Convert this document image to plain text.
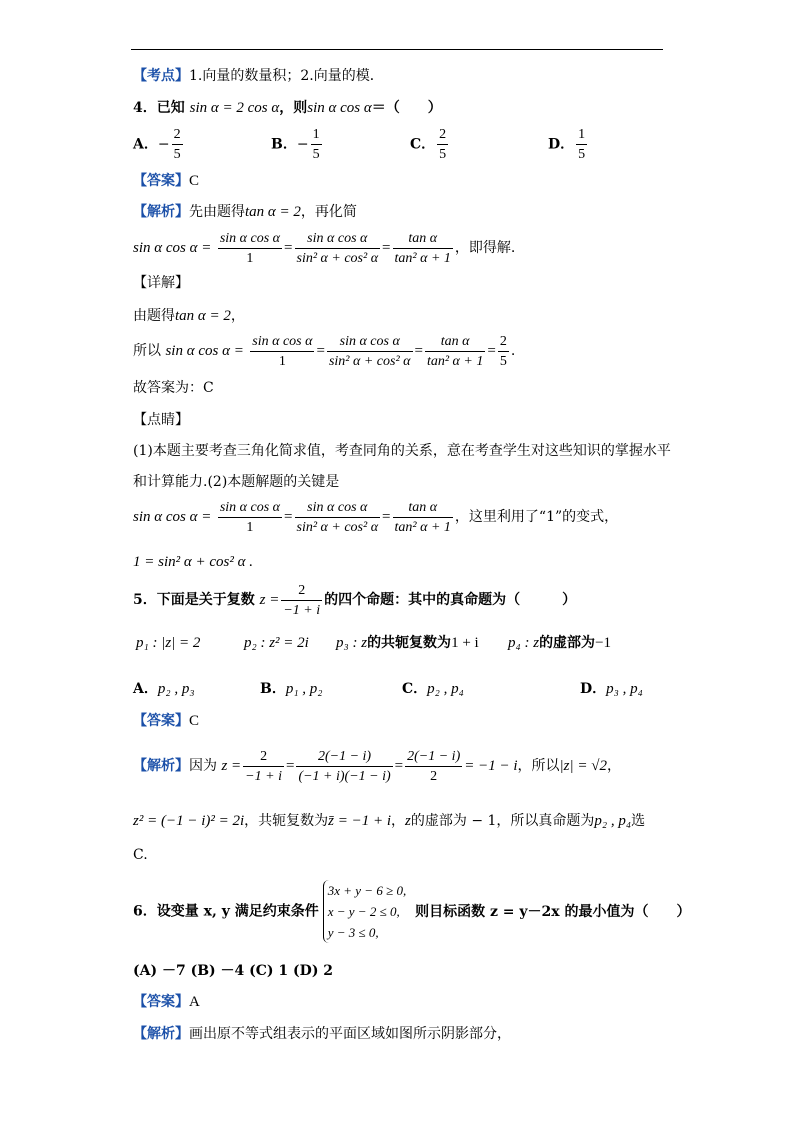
【考点】1.向量的数量积；2.向量的模．
4．已知 sin α = 2 cos α，则sin α cos α＝（　　）
A．− $\frac{2}{5}$	B．− $\frac{1}{5}$	C． $\frac{2}{5}$	D． $\frac{1}{5}$
【答案】C
【解析】先由题得tan α = 2，再化简
sin α $\cos \alpha = \frac{\text{sin α cos α}}{1} = \frac{\text{sin α cos α}}{\text{sin² α + cos² α}} = \frac{\text{tan α}}{\text{tan² α + 1}}$ ，即得解.
【详解】
由题得tan α = 2，
所以 sin α $\cos \alpha = \frac{\text{sin α cos α}}{1} = \frac{\text{sin α cos α}}{\text{sin² α + cos² α}} = \frac{\text{tan α}}{\text{tan² α + 1}} = \frac{2}{5}$ .
故答案为：C
【点睛】
(1)本题主要考查三角化简求值，考查同角的关系，意在考查学生对这些知识的掌握水平
和计算能力.(2)本题解题的关键是
sin α $\cos \alpha = \frac{\text{sin α cos α}}{1} = \frac{\text{sin α cos α}}{\text{sin² α + cos² α}} = \frac{\text{tan α}}{\text{tan² α + 1}}$ ，这里利用了“1”的变式，
1 = sin² α + cos² α .
5．下面是关于复数 $z = \frac{2}{-1 + i}$ 的四个命题：其中的真命题为（　　　）
p₁ : |z| = 2	p₂ : z² = 2i p₃ : z的共轭复数为1 + i p₄ : z的虚部为−1
A．p₂ , p₃	B．p₁ , p₂	C．p₂ , p₄	D．p₃ , p₄
【答案】C
【解析】因为 $z = \frac{2}{-1 + i} = \frac{2(-1 - i)}{(-1 + i)(-1 - i)} = \frac{2(-1 - i)}{2} = -1 - i$，所以|z| = √2，
z² = (−1 − i)² = 2i，共轭复数为z̄ = −1 + i，z的虚部为 − 1，所以真命题为p₂ , p₄选
C.
6．设变量 x, y 满足约束条件
3x + y − 6 ≥ 0,
x − y − 2 ≤ 0,
y − 3 ≤ 0,
则目标函数 z = y－2x 的最小值为（　　）
(A) －7 (B) －4 (C) 1 (D) 2
【答案】A
【解析】画出原不等式组表示的平面区域如图所示阴影部分，
